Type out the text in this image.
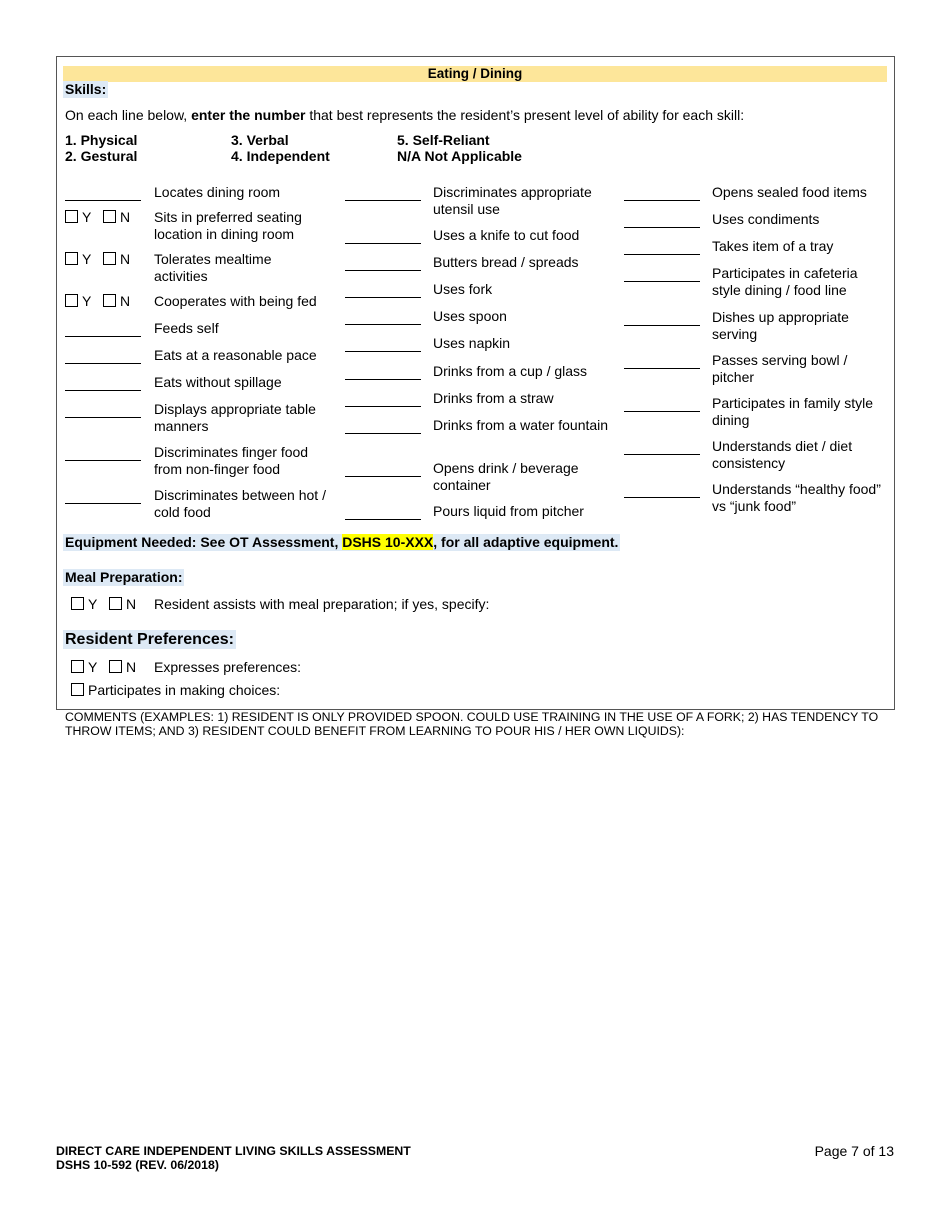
Eating / Dining
Skills:
On each line below, enter the number that best represents the resident’s present level of ability for each skill:
1. Physical
2. Gestural
3. Verbal
4. Independent
5. Self-Reliant
N/A Not Applicable
Locates dining room
Y N Sits in preferred seating location in dining room
Y N Tolerates mealtime activities
Y N Cooperates with being fed
Feeds self
Eats at a reasonable pace
Eats without spillage
Displays appropriate table manners
Discriminates finger food from non-finger food
Discriminates between hot / cold food
Discriminates appropriate utensil use
Uses a knife to cut food
Butters bread / spreads
Uses fork
Uses spoon
Uses napkin
Drinks from a cup / glass
Drinks from a straw
Drinks from a water fountain
Opens drink / beverage container
Pours liquid from pitcher
Opens sealed food items
Uses condiments
Takes item of a tray
Participates in cafeteria style dining / food line
Dishes up appropriate serving
Passes serving bowl / pitcher
Participates in family style dining
Understands diet / diet consistency
Understands “healthy food” vs “junk food”
Equipment Needed: See OT Assessment, DSHS 10-XXX, for all adaptive equipment.
Meal Preparation:
Y N Resident assists with meal preparation; if yes, specify:
Resident Preferences:
Y N Expresses preferences:
Participates in making choices:
COMMENTS (EXAMPLES: 1) RESIDENT IS ONLY PROVIDED SPOON. COULD USE TRAINING IN THE USE OF A FORK; 2) HAS TENDENCY TO THROW ITEMS; AND 3) RESIDENT COULD BENEFIT FROM LEARNING TO POUR HIS / HER OWN LIQUIDS):
DIRECT CARE INDEPENDENT LIVING SKILLS ASSESSMENT
DSHS 10-592 (REV. 06/2018)
Page 7 of 13
